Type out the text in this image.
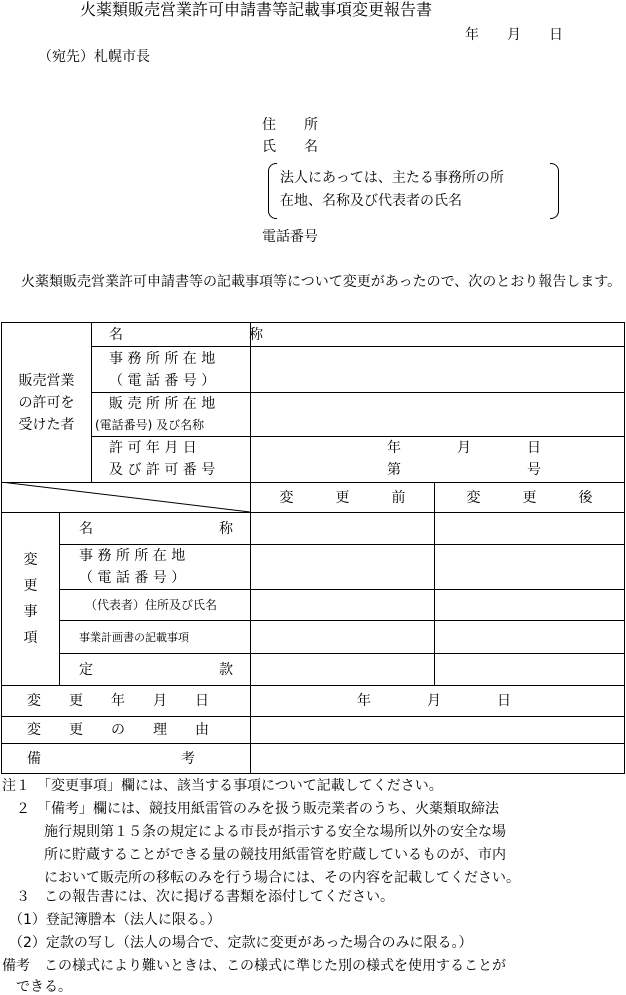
火薬類販売営業許可申請書等記載事項変更報告書
年　　月　　日
（宛先）札幌市長
住　　所
氏　　名
法人にあっては、主たる事務所の所
在地、名称及び代表者の氏名
電話番号
火薬類販売営業許可申請書等の記載事項等について変更があったので、次のとおり報告します。
販売営業
の許可を
受けた者
名　　　　　　　　　称
事 務 所 所 在 地
（ 電 話 番 号 ）
販 売 所 所 在 地
(電話番号) 及び名称
許 可 年 月 日
及 び 許 可 番 号
年　　　　月　　　　日
第　　　　　　　　　号
変　　　更　　　前	変　　　更　　　後
変

更

事

項
名　　　　　　　　　称
事 務 所 所 在 地
（ 電 話 番 号 ）
（代表者）住所及び氏名
事業計画書の記載事項
定　　　　　　　　　款
変　　更　　年　　月　　日	年　　　　月　　　　日
変　　更　　の　　理　　由
備　　　　　　　　　　考
注１　「変更事項」欄には、該当する事項について記載してください。
　２　「備考」欄には、競技用紙雷管のみを扱う販売業者のうち、火薬類取締法
　　　施行規則第１５条の規定による市長が指示する安全な場所以外の安全な場
　　　所に貯蔵することができる量の競技用紙雷管を貯蔵しているものが、市内
　　　において販売所の移転のみを行う場合には、その内容を記載してください。
　３　この報告書には、次に掲げる書類を添付してください。
　（1）登記簿謄本（法人に限る。）
　（2）定款の写し（法人の場合で、定款に変更があった場合のみに限る。）
備考　この様式により難いときは、この様式に準じた別の様式を使用することが
　できる。
